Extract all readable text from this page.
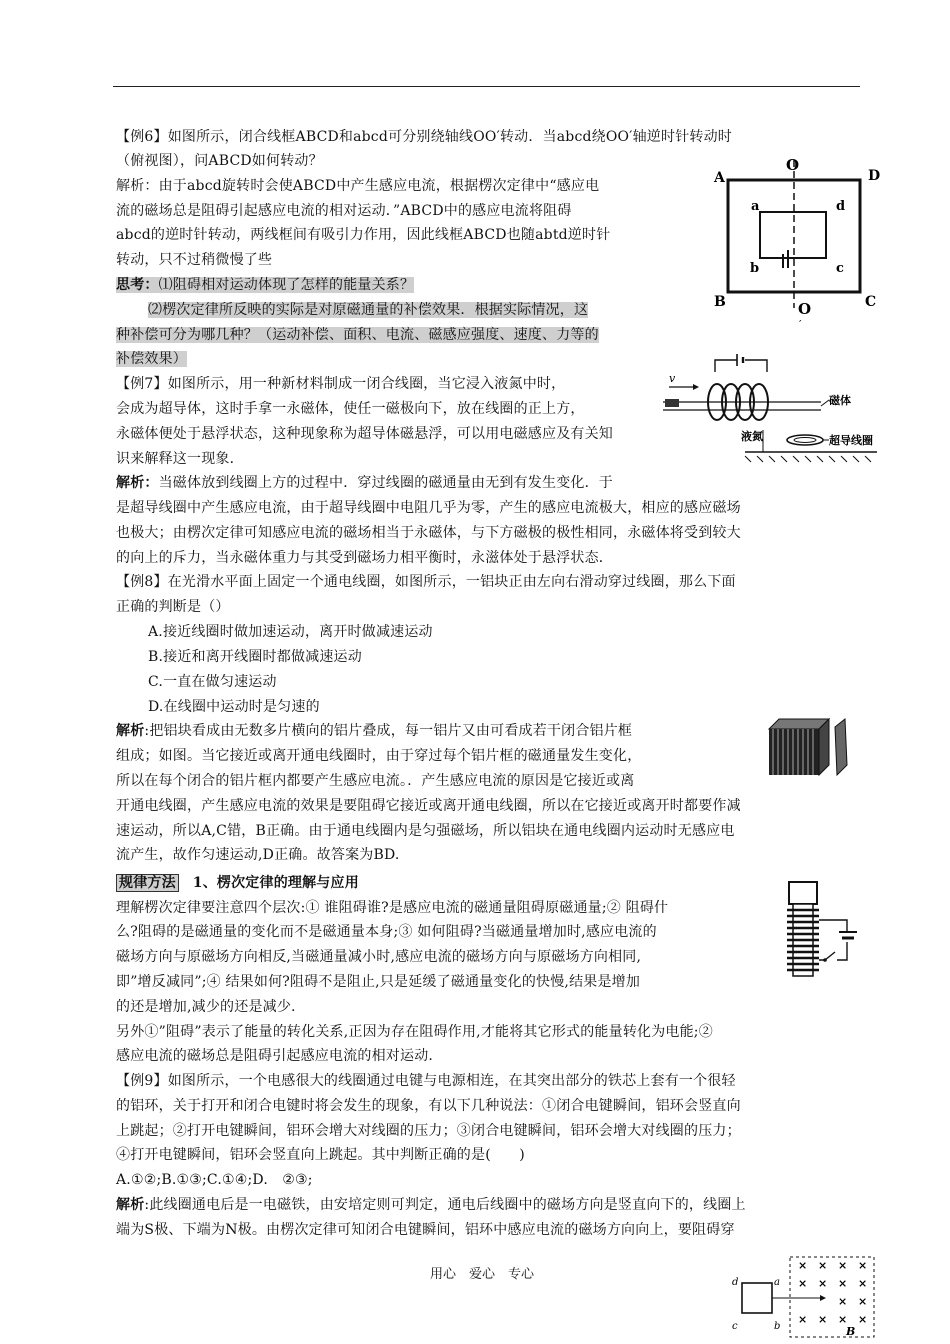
【例6】如图所示，闭合线框ABCD和abcd可分别绕轴线OO′转动．当abcd绕OO′轴逆时针转动时
（俯视图），问ABCD如何转动？
解析：由于abcd旋转时会使ABCD中产生感应电流，根据楞次定律中“感应电
流的磁场总是阻碍引起感应电流的相对运动．”ABCD中的感应电流将阻碍
abcd的逆时针转动，两线框间有吸引力作用，因此线框ABCD也随abtd逆时针
转动，只不过稍微慢了些
思考：⑴阻碍相对运动体现了怎样的能量关系？
⑵楞次定律所反映的实际是对原磁通量的补偿效果．根据实际情况，这
种补偿可分为哪几种？（运动补偿、面积、电流、磁感应强度、速度、力等的
补偿效果）
【例7】如图所示，用一种新材料制成一闭合线圈，当它浸入液氮中时，
会成为超导体，这时手拿一永磁体，使任一磁极向下，放在线圈的正上方，
永磁体便处于悬浮状态，这种现象称为超导体磁悬浮，可以用电磁感应及有关知
识来解释这一现象．
解析：当磁体放到线圈上方的过程中．穿过线圈的磁通量由无到有发生变化．于
是超导线圈中产生感应电流，由于超导线圈中电阻几乎为零，产生的感应电流极大，相应的感应磁场
也极大；由楞次定律可知感应电流的磁场相当于永磁体，与下方磁极的极性相同，永磁体将受到较大
的向上的斥力，当永磁体重力与其受到磁场力相平衡时，永滋体处于悬浮状态．
【例8】在光滑水平面上固定一个通电线圈，如图所示，一铝块正由左向右滑动穿过线圈，那么下面
正确的判断是（）
A.接近线圈时做加速运动，离开时做减速运动
B.接近和离开线圈时都做减速运动
C.一直在做匀速运动
D.在线圈中运动时是匀速的
解析:把铝块看成由无数多片横向的铝片叠成，每一铝片又由可看成若干闭合铝片框
组成；如图。当它接近或离开通电线圈时，由于穿过每个铝片框的磁通量发生变化，
所以在每个闭合的铝片框内都要产生感应电流。．产生感应电流的原因是它接近或离
开通电线圈，产生感应电流的效果是要阻碍它接近或离开通电线圈，所以在它接近或离开时都要作减
速运动，所以A,C错，B正确。由于通电线圈内是匀强磁场，所以铝块在通电线圈内运动时无感应电
流产生，故作匀速运动,D正确。故答案为BD.
规律方法 1、楞次定律的理解与应用
理解楞次定律要注意四个层次:① 谁阻碍谁?是感应电流的磁通量阻碍原磁通量;② 阻碍什
么?阻碍的是磁通量的变化而不是磁通量本身;③ 如何阻碍?当磁通量增加时,感应电流的
磁场方向与原磁场方向相反,当磁通量减小时,感应电流的磁场方向与原磁场方向相同,
即”增反减同”;④ 结果如何?阻碍不是阻止,只是延缓了磁通量变化的快慢,结果是增加
的还是增加,减少的还是减少.
另外①”阻碍”表示了能量的转化关系,正因为存在阻碍作用,才能将其它形式的能量转化为电能;②
感应电流的磁场总是阻碍引起感应电流的相对运动.
【例9】如图所示，一个电感很大的线圈通过电键与电源相连，在其突出部分的铁芯上套有一个很轻
的铝环，关于打开和闭合电键时将会发生的现象，有以下几种说法：①闭合电键瞬间，铝环会竖直向
上跳起；②打开电键瞬间，铝环会增大对线圈的压力；③闭合电键瞬间，铝环会增大对线圈的压力；
④打开电键瞬间，铝环会竖直向上跳起。其中判断正确的是(　　)
A.①②;B.①③;C.①④;D.　②③;
解析:此线圈通电后是一电磁铁，由安培定则可判定，通电后线圈中的磁场方向是竖直向下的，线圈上
端为S极、下端为N极。由楞次定律可知闭合电键瞬间，铝环中感应电流的磁场方向向上，要阻碍穿
O
A	D
B	C
a	d
b	c
O
′
v
磁体
液氮	超导线圈
d	a
c	b	B
× × × ×
× × × ×
× ×
× × × ×
用心　爱心　专心
